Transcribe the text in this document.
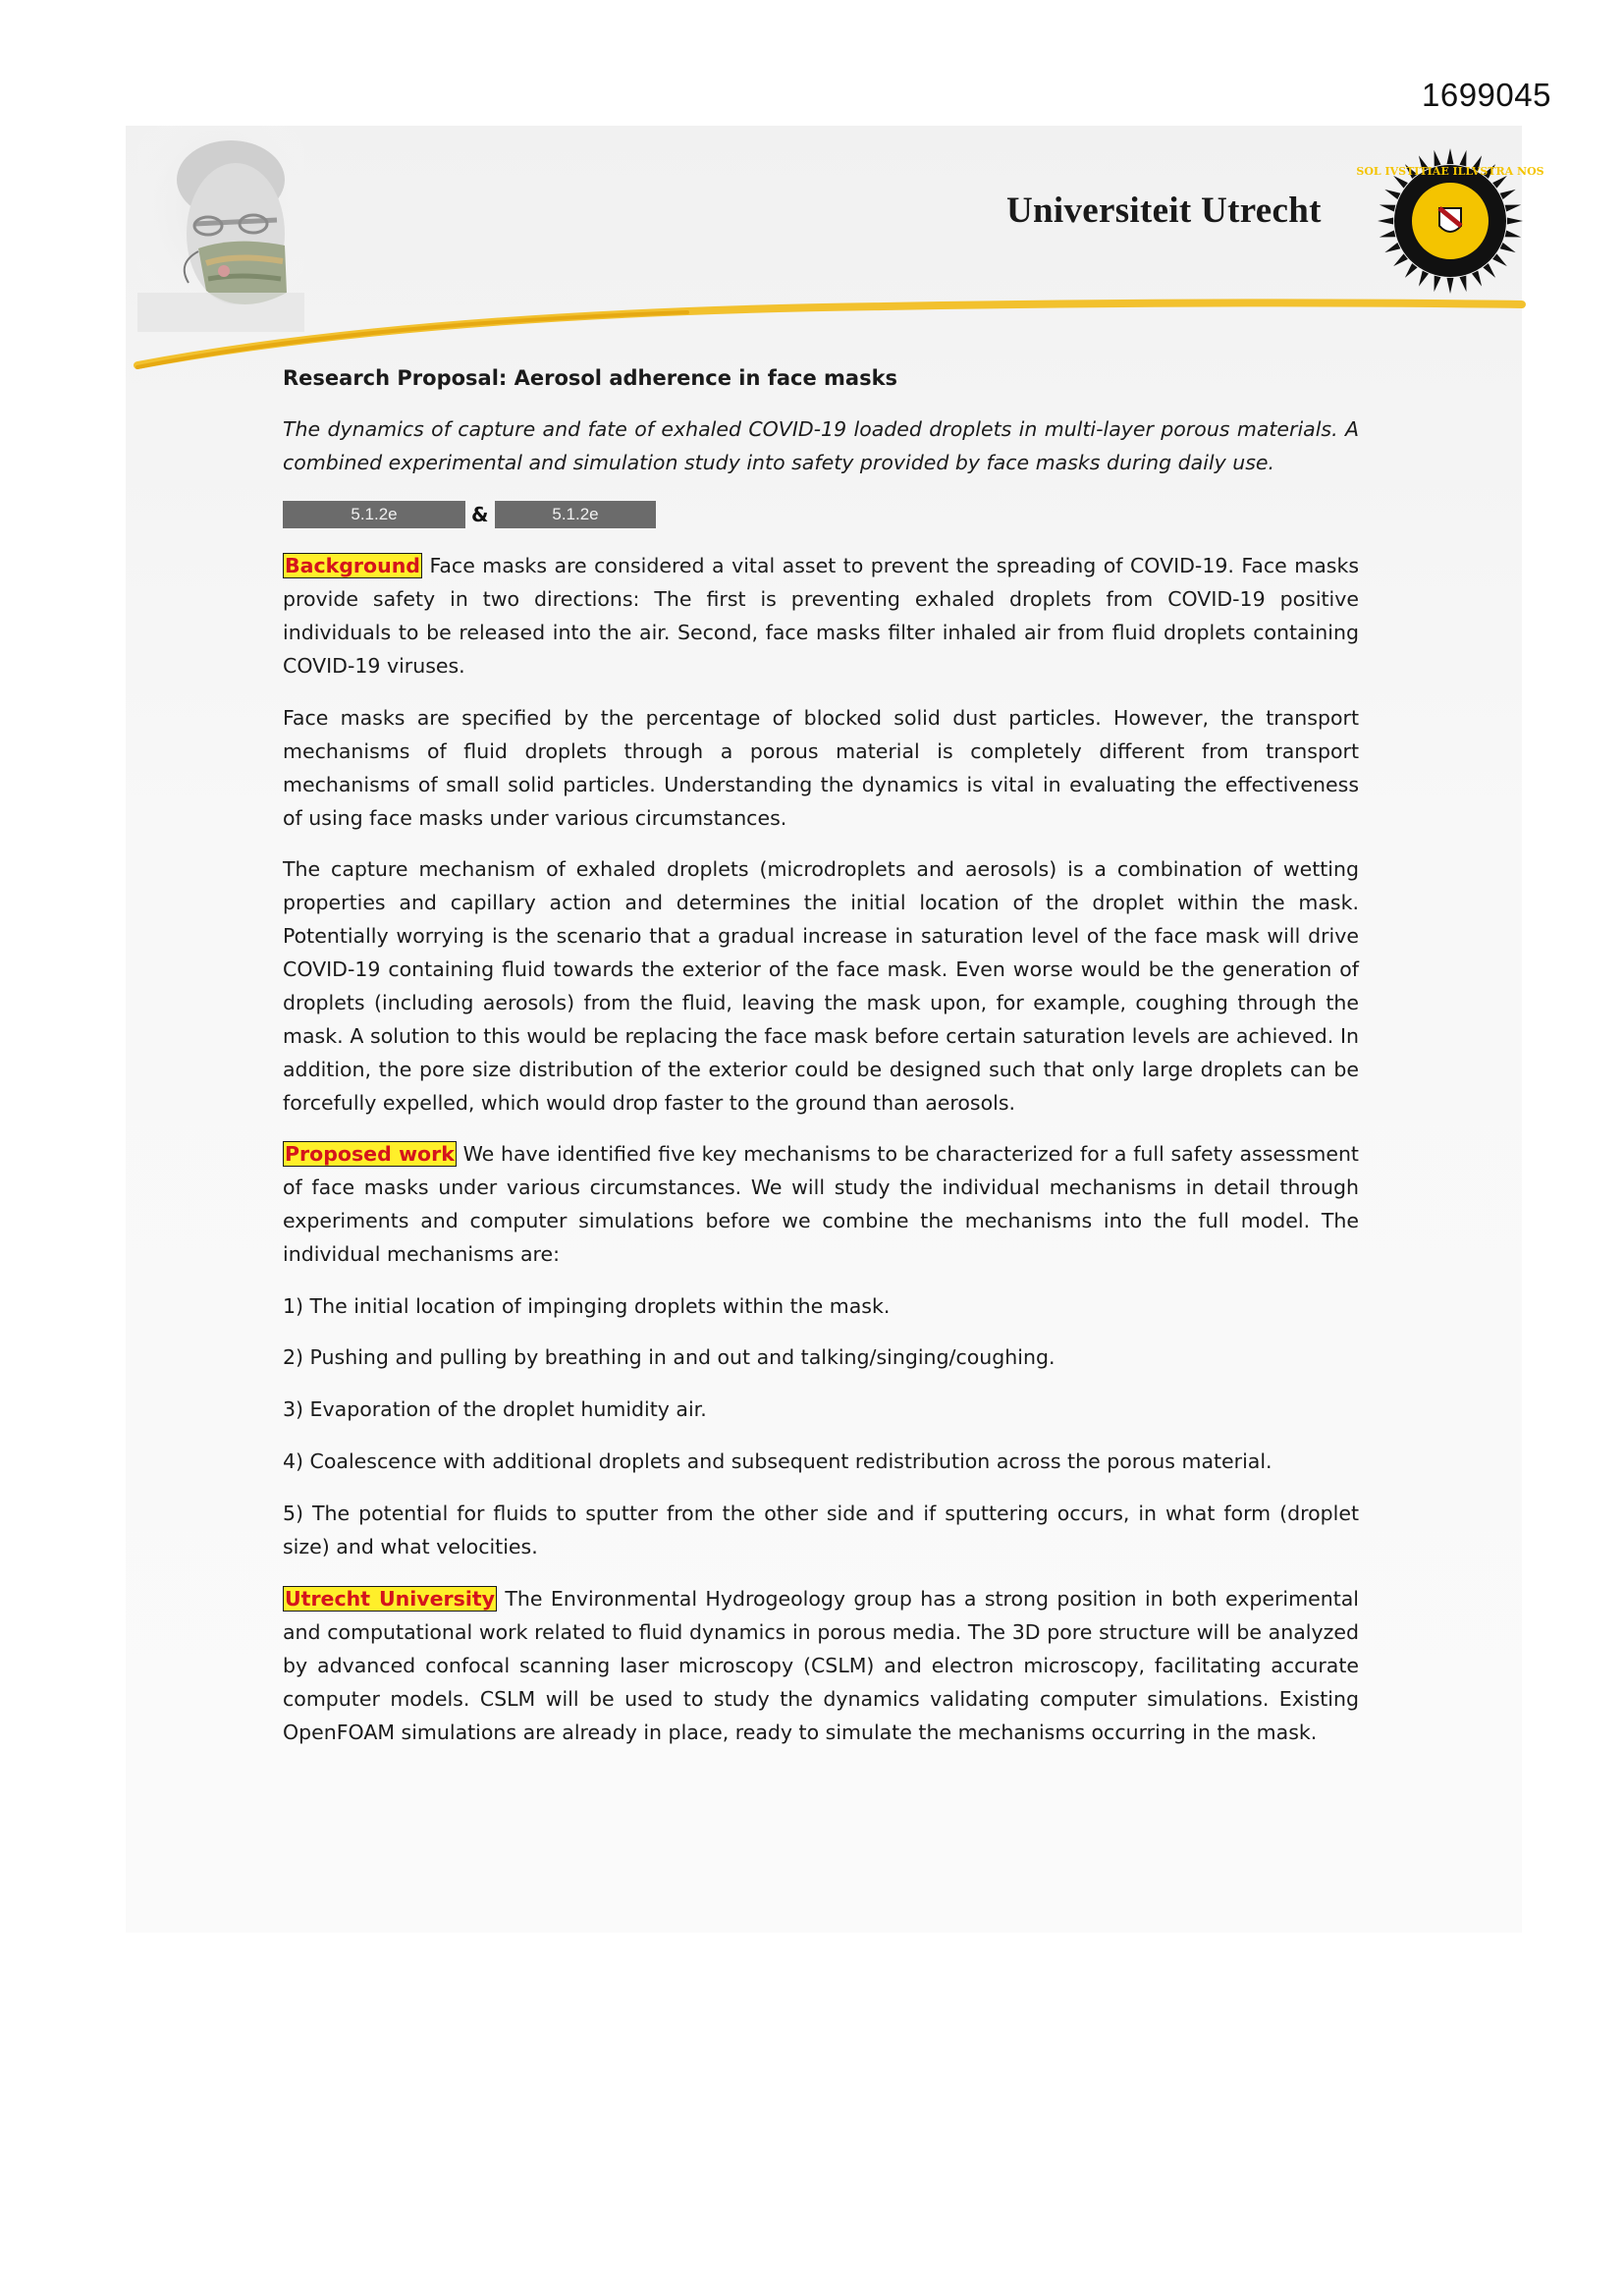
1699045
Universiteit Utrecht
SOL IVSTITIAE ILLVSTRA NOS
Research Proposal: Aerosol adherence in face masks
The dynamics of capture and fate of exhaled COVID-19 loaded droplets in multi-layer porous materials. A combined experimental and simulation study into safety provided by face masks during daily use.
5.1.2e	&	5.1.2e

Background Face masks are considered a vital asset to prevent the spreading of COVID-19. Face masks provide safety in two directions: The first is preventing exhaled droplets from COVID-19 positive individuals to be released into the air. Second, face masks filter inhaled air from fluid droplets containing COVID-19 viruses.

Face masks are specified by the percentage of blocked solid dust particles. However, the transport mechanisms of fluid droplets through a porous material is completely different from transport mechanisms of small solid particles. Understanding the dynamics is vital in evaluating the effectiveness of using face masks under various circumstances.

The capture mechanism of exhaled droplets (microdroplets and aerosols) is a combination of wetting properties and capillary action and determines the initial location of the droplet within the mask. Potentially worrying is the scenario that a gradual increase in saturation level of the face mask will drive COVID-19 containing fluid towards the exterior of the face mask. Even worse would be the generation of droplets (including aerosols) from the fluid, leaving the mask upon, for example, coughing through the mask. A solution to this would be replacing the face mask before certain saturation levels are achieved. In addition, the pore size distribution of the exterior could be designed such that only large droplets can be forcefully expelled, which would drop faster to the ground than aerosols.

Proposed work We have identified five key mechanisms to be characterized for a full safety assessment of face masks under various circumstances. We will study the individual mechanisms in detail through experiments and computer simulations before we combine the mechanisms into the full model. The individual mechanisms are:

1) The initial location of impinging droplets within the mask.
2) Pushing and pulling by breathing in and out and talking/singing/coughing.
3) Evaporation of the droplet humidity air.
4) Coalescence with additional droplets and subsequent redistribution across the porous material.
5) The potential for fluids to sputter from the other side and if sputtering occurs, in what form (droplet size) and what velocities.

Utrecht University The Environmental Hydrogeology group has a strong position in both experimental and computational work related to fluid dynamics in porous media. The 3D pore structure will be analyzed by advanced confocal scanning laser microscopy (CSLM) and electron microscopy, facilitating accurate computer models. CSLM will be used to study the dynamics validating computer simulations. Existing OpenFOAM simulations are already in place, ready to simulate the mechanisms occurring in the mask.
